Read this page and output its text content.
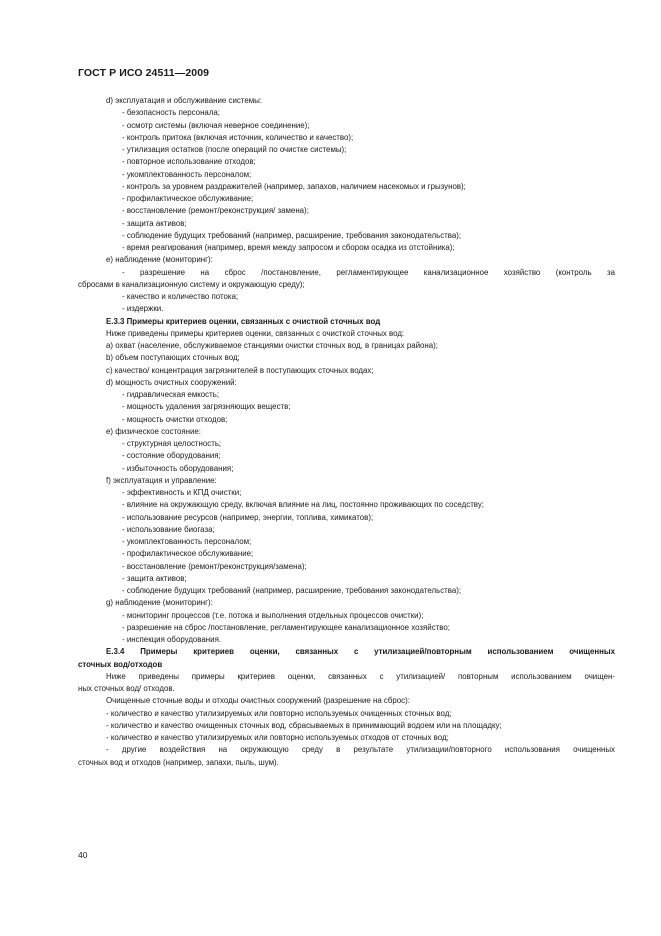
ГОСТ Р ИСО 24511—2009
d) эксплуатация и обслуживание системы:
- безопасность персонала;
- осмотр системы (включая неверное соединение);
- контроль притока (включая источник, количество и качество);
- утилизация остатков (после операций по очистке системы);
- повторное использование отходов;
- укомплектованность персоналом;
- контроль за уровнем раздражителей (например, запахов, наличием насекомых и грызунов);
- профилактическое обслуживание;
- восстановление (ремонт/реконструкция/ замена);
- защита активов;
- соблюдение будущих требований (например, расширение, требования законодательства);
- время реагирования (например, время между запросом и сбором осадка из отстойника);
e) наблюдение (мониторинг):
- разрешение на сброс /постановление, регламентирующее канализационное хозяйство (контроль за
сбросами в канализационную систему и окружающую среду);
- качество и количество потока;
- издержки.
E.3.3 Примеры критериев оценки, связанных с очисткой сточных вод
Ниже приведены примеры критериев оценки, связанных с очисткой сточных вод:
a) охват (население, обслуживаемое станциями очистки сточных вод, в границах района);
b) объем поступающих сточных вод;
c) качество/ концентрация загрязнителей в поступающих сточных водах;
d) мощность очистных сооружений:
- гидравлическая емкость;
- мощность удаления загрязняющих веществ;
- мощность очистки отходов;
e) физическое состояние:
- структурная целостность;
- состояние оборудования;
- избыточность оборудования;
f) эксплуатация и управление:
- эффективность и КПД очистки;
- влияние на окружающую среду, включая влияние на лиц, постоянно проживающих по соседству;
- использование ресурсов (например, энергии, топлива, химикатов);
- использование биогаза;
- укомплектованность персоналом;
- профилактическое обслуживание;
- восстановление (ремонт/реконструкция/замена);
- защита активов;
- соблюдение будущих требований (например, расширение, требования законодательства);
g) наблюдение (мониторинг):
- мониторинг процессов (т.е. потока и выполнения отдельных процессов очистки);
- разрешение на сброс /постановление, регламентирующее канализационное хозяйство;
- инспекция оборудования.
E.3.4 Примеры критериев оценки, связанных с утилизацией/повторным использованием очищенных
сточных вод/отходов
Ниже приведены примеры критериев оценки, связанных с утилизацией/ повторным использованием очищен-
ных сточных вод/ отходов.
Очищенные сточные воды и отходы очистных сооружений (разрешение на сброс):
- количество и качество утилизируемых или повторно используемых очищенных сточных вод;
- количество и качество очищенных сточных вод, сбрасываемых в принимающий водоем или на площадку;
- количество и качество утилизируемых или повторно используемых отходов от сточных вод;
- другие воздействия на окружающую среду в результате утилизации/повторного использования очищенных
сточных вод и отходов (например, запахи, пыль, шум).
40
